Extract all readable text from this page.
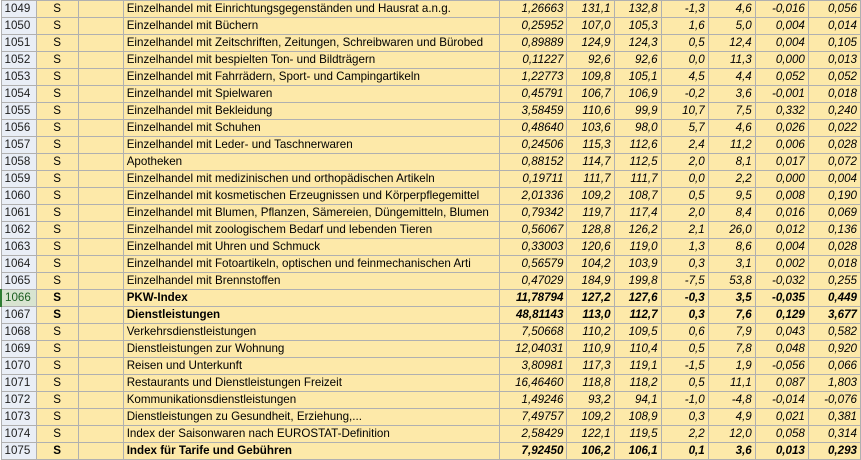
1049	S		Einzelhandel mit Einrichtungsgegenständen und Hausrat a.n.g.	1,26663	131,1	132,8	-1,3	4,6	-0,016	0,056
1050	S		Einzelhandel mit Büchern	0,25952	107,0	105,3	1,6	5,0	0,004	0,014
1051	S		Einzelhandel mit Zeitschriften, Zeitungen, Schreibwaren und Bürobed	0,89889	124,9	124,3	0,5	12,4	0,004	0,105
1052	S		Einzelhandel mit bespielten Ton- und Bildträgern	0,11227	92,6	92,6	0,0	11,3	0,000	0,013
1053	S		Einzelhandel mit Fahrrädern, Sport- und Campingartikeln	1,22773	109,8	105,1	4,5	4,4	0,052	0,052
1054	S		Einzelhandel mit Spielwaren	0,45791	106,7	106,9	-0,2	3,6	-0,001	0,018
1055	S		Einzelhandel mit Bekleidung	3,58459	110,6	99,9	10,7	7,5	0,332	0,240
1056	S		Einzelhandel mit Schuhen	0,48640	103,6	98,0	5,7	4,6	0,026	0,022
1057	S		Einzelhandel mit Leder- und Taschnerwaren	0,24506	115,3	112,6	2,4	11,2	0,006	0,028
1058	S		Apotheken	0,88152	114,7	112,5	2,0	8,1	0,017	0,072
1059	S		Einzelhandel mit medizinischen und orthopädischen Artikeln	0,19711	111,7	111,7	0,0	2,2	0,000	0,004
1060	S		Einzelhandel mit kosmetischen Erzeugnissen und Körperpflegemittel	2,01336	109,2	108,7	0,5	9,5	0,008	0,190
1061	S		Einzelhandel mit Blumen, Pflanzen, Sämereien, Düngemitteln, Blumen	0,79342	119,7	117,4	2,0	8,4	0,016	0,069
1062	S		Einzelhandel mit zoologischem Bedarf und lebenden Tieren	0,56067	128,8	126,2	2,1	26,0	0,012	0,136
1063	S		Einzelhandel mit Uhren und Schmuck	0,33003	120,6	119,0	1,3	8,6	0,004	0,028
1064	S		Einzelhandel mit Fotoartikeln, optischen und feinmechanischen Arti	0,56579	104,2	103,9	0,3	3,1	0,002	0,018
1065	S		Einzelhandel mit Brennstoffen	0,47029	184,9	199,8	-7,5	53,8	-0,032	0,255
1066	S		PKW-Index	11,78794	127,2	127,6	-0,3	3,5	-0,035	0,449
1067	S		Dienstleistungen	48,81143	113,0	112,7	0,3	7,6	0,129	3,677
1068	S		Verkehrsdienstleistungen	7,50668	110,2	109,5	0,6	7,9	0,043	0,582
1069	S		Dienstleistungen zur Wohnung	12,04031	110,9	110,4	0,5	7,8	0,048	0,920
1070	S		Reisen und Unterkunft	3,80981	117,3	119,1	-1,5	1,9	-0,056	0,066
1071	S		Restaurants und Dienstleistungen Freizeit	16,46460	118,8	118,2	0,5	11,1	0,087	1,803
1072	S		Kommunikationsdienstleistungen	1,49246	93,2	94,1	-1,0	-4,8	-0,014	-0,076
1073	S		Dienstleistungen zu Gesundheit, Erziehung,...	7,49757	109,2	108,9	0,3	4,9	0,021	0,381
1074	S		Index der Saisonwaren nach EUROSTAT-Definition	2,58429	122,1	119,5	2,2	12,0	0,058	0,314
1075	S		Index für Tarife und Gebühren	7,92450	106,2	106,1	0,1	3,6	0,013	0,293
